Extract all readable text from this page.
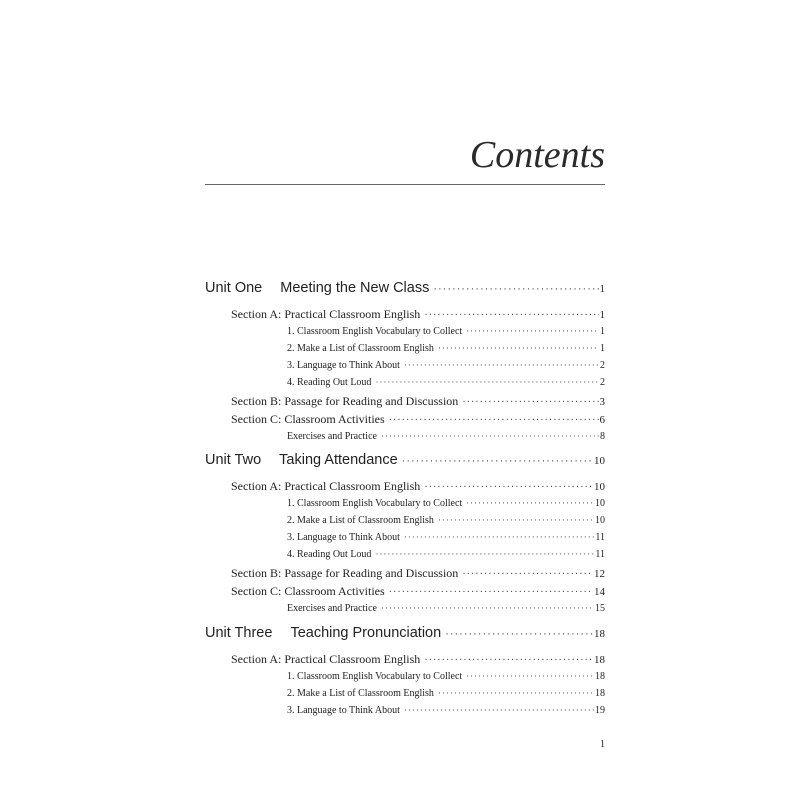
Contents
Unit One Meeting the New Class ·····	1
Section A: Practical Classroom English ·····	1
1. Classroom English Vocabulary to Collect ·····	1
2. Make a List of Classroom English ·····	1
3. Language to Think About ·····	2
4. Reading Out Loud ·····	2
Section B: Passage for Reading and Discussion ·····	3
Section C: Classroom Activities ·····	6
Exercises and Practice ·····	8
Unit Two Taking Attendance ·····	10
Section A: Practical Classroom English ·····	10
1. Classroom English Vocabulary to Collect ·····	10
2. Make a List of Classroom English ·····	10
3. Language to Think About ·····	11
4. Reading Out Loud ·····	11
Section B: Passage for Reading and Discussion ·····	12
Section C: Classroom Activities ·····	14
Exercises and Practice ·····	15
Unit Three Teaching Pronunciation ·····	18
Section A: Practical Classroom English ·····	18
1. Classroom English Vocabulary to Collect ·····	18
2. Make a List of Classroom English ·····	18
3. Language to Think About ·····	19
1
